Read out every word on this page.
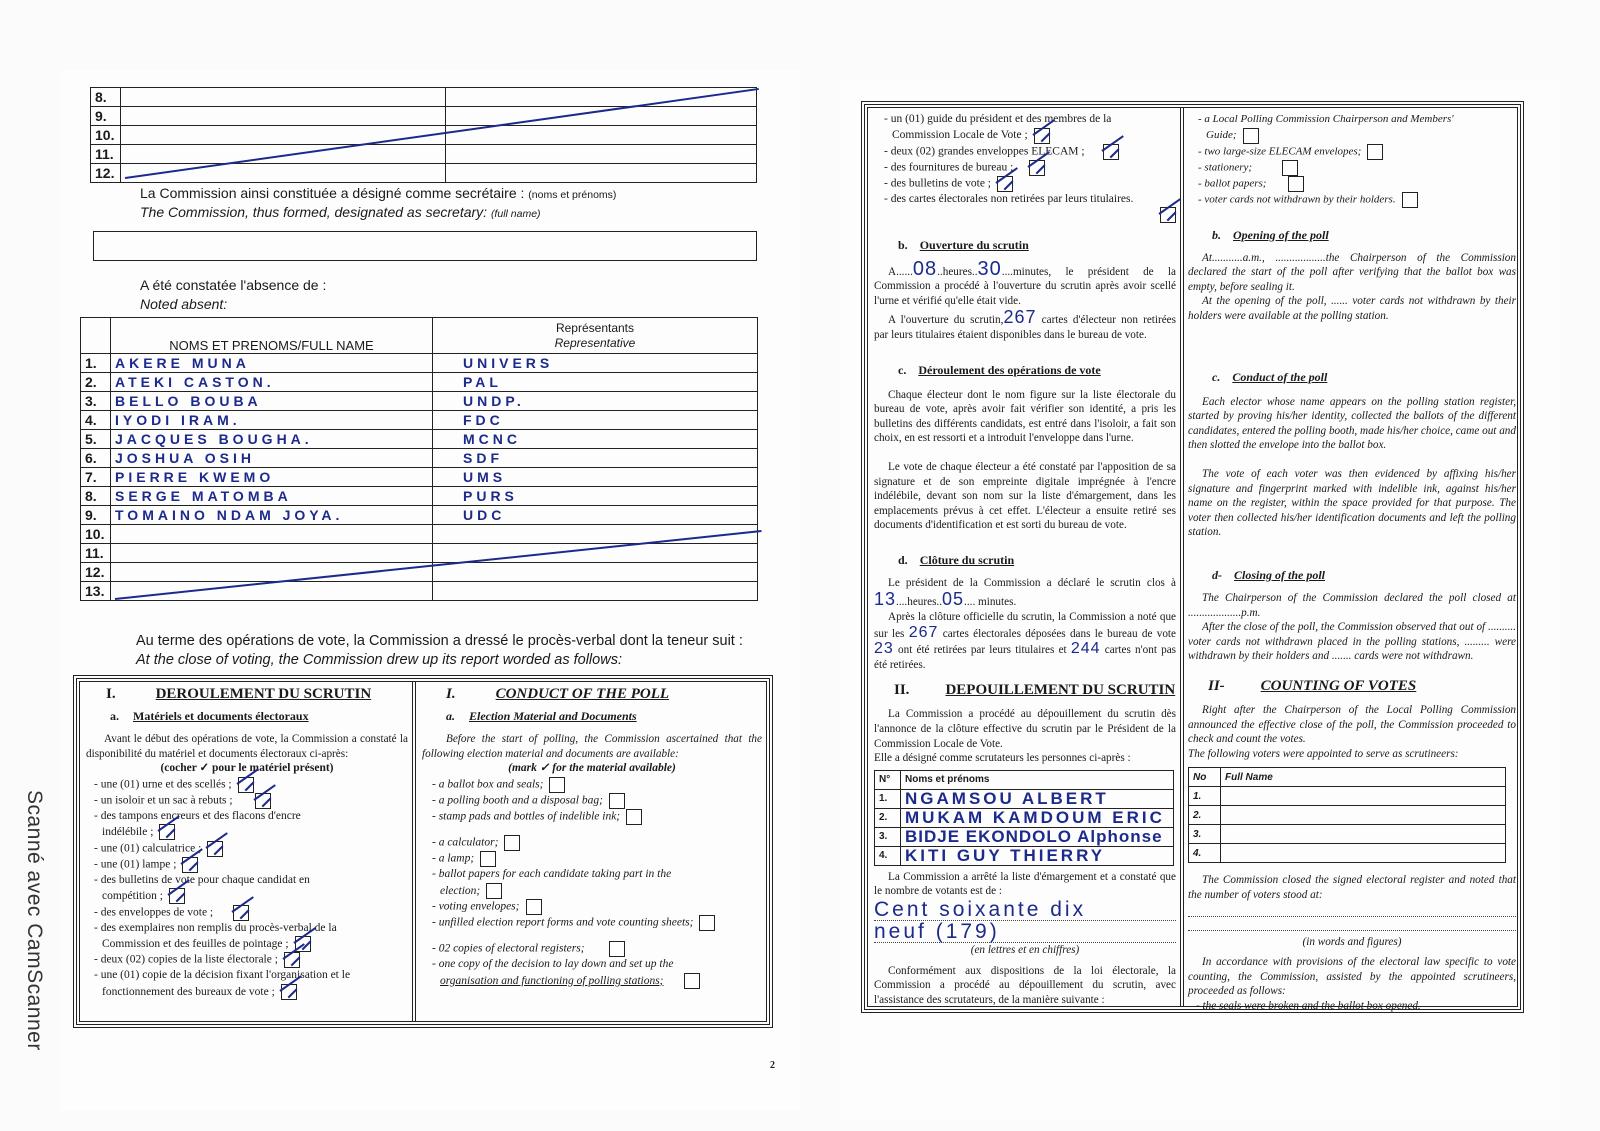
Scanné avec CamScanner
8.		
9.		
10.		
11.		
12.		
La Commission ainsi constituée a désigné comme secrétaire : (noms et prénoms)
The Commission, thus formed, designated as secretary: (full name)
A été constatée l'absence de :
Noted absent:
	NOMS ET PRENOMS/FULL NAME	Représentants
Representative

1.	AKERE MUNA	UNIVERS
2.	ATEKI CASTON.	PAL
3.	BELLO BOUBA	UNDP.
4.	IYODI IRAM.	FDC
5.	JACQUES BOUGHA.	MCNC
6.	JOSHUA OSIH	SDF
7.	PIERRE KWEMO	UMS
8.	SERGE MATOMBA	PURS
9.	TOMAINO NDAM JOYA.	UDC
10.		
11.		
12.		
13.		
Au terme des opérations de vote, la Commission a dressé le procès-verbal dont la teneur suit :
At the close of voting, the Commission drew up its report worded as follows:
I.	DEROULEMENT DU SCRUTIN
a. Matériels et documents électoraux
Avant le début des opérations de vote, la Commission a constaté la disponibilité du matériel et documents électoraux ci-après:
(cocher ✓ pour le matériel présent)
- une (01) urne et des scellés ;
- un isoloir et un sac à rebuts ;
- des tampons encreurs et des flacons d'encre
indélébile ;
- une (01) calculatrice ;
- une (01) lampe ;
- des bulletins de vote pour chaque candidat en
compétition ;
- des enveloppes de vote ;
- des exemplaires non remplis du procès-verbal de la
Commission et des feuilles de pointage ;
- deux (02) copies de la liste électorale ;
- une (01) copie de la décision fixant l'organisation et le
fonctionnement des bureaux de vote ;
I.	CONDUCT OF THE POLL
a. Election Material and Documents
Before the start of polling, the Commission ascertained that the following election material and documents are available:
(mark ✓ for the material available)
- a ballot box and seals;
- a polling booth and a disposal bag;
- stamp pads and bottles of indelible ink;
- a calculator;
- a lamp;
- ballot papers for each candidate taking part in the
election;
- voting envelopes;
- unfilled election report forms and vote counting sheets;
- 02 copies of electoral registers;
- one copy of the decision to lay down and set up the
organisation and functioning of polling stations;
2
- un (01) guide du président et des membres de la
Commission Locale de Vote ;
- deux (02) grandes enveloppes ELECAM ;
- des fournitures de bureau ;
- des bulletins de vote ;
- des cartes électorales non retirées par leurs titulaires.
b. Ouverture du scrutin
A......08..heures..30....minutes, le président de la Commission a procédé à l'ouverture du scrutin après avoir scellé l'urne et vérifié qu'elle était vide.
A l'ouverture du scrutin,267 cartes d'électeur non retirées par leurs titulaires étaient disponibles dans le bureau de vote.
c. Déroulement des opérations de vote
Chaque électeur dont le nom figure sur la liste électorale du bureau de vote, après avoir fait vérifier son identité, a pris les bulletins des différents candidats, est entré dans l'isoloir, a fait son choix, en est ressorti et a introduit l'enveloppe dans l'urne.
Le vote de chaque électeur a été constaté par l'apposition de sa signature et de son empreinte digitale imprégnée à l'encre indélébile, devant son nom sur la liste d'émargement, dans les emplacements prévus à cet effet. L'électeur a ensuite retiré ses documents d'identification et est sorti du bureau de vote.
d. Clôture du scrutin
Le président de la Commission a déclaré le scrutin clos à 13....heures..05.... minutes.
Après la clôture officielle du scrutin, la Commission a noté que sur les 267 cartes électorales déposées dans le bureau de vote 23 ont été retirées par leurs titulaires et 244 cartes n'ont pas été retirées.
II. DEPOUILLEMENT DU SCRUTIN
La Commission a procédé au dépouillement du scrutin dès l'annonce de la clôture effective du scrutin par le Président de la Commission Locale de Vote.
Elle a désigné comme scrutateurs les personnes ci-après :
N°	Noms et prénoms
1.	NGAMSOU ALBERT
2.	MUKAM KAMDOUM ERIC
3.	BIDJE EKONDOLO Alphonse
4.	KITI GUY THIERRY
La Commission a arrêté la liste d'émargement et a constaté que le nombre de votants est de :
Cent soixante dix
neuf (179)
(en lettres et en chiffres)
Conformément aux dispositions de la loi électorale, la Commission a procédé au dépouillement du scrutin, avec l'assistance des scrutateurs, de la manière suivante :
- a Local Polling Commission Chairperson and Members'
Guide;
- two large-size ELECAM envelopes;
- stationery;
- ballot papers;
- voter cards not withdrawn by their holders.
b. Opening of the poll
At...........a.m., ..................the Chairperson of the Commission declared the start of the poll after verifying that the ballot box was empty, before sealing it.
At the opening of the poll, ...... voter cards not withdrawn by their holders were available at the polling station.
c. Conduct of the poll
Each elector whose name appears on the polling station register, started by proving his/her identity, collected the ballots of the different candidates, entered the polling booth, made his/her choice, came out and then slotted the envelope into the ballot box.
The vote of each voter was then evidenced by affixing his/her signature and fingerprint marked with indelible ink, against his/her name on the register, within the space provided for that purpose. The voter then collected his/her identification documents and left the polling station.
d- Closing of the poll
The Chairperson of the Commission declared the poll closed at ...................p.m.
After the close of the poll, the Commission observed that out of .......... voter cards not withdrawn placed in the polling stations, ......... were withdrawn by their holders and ....... cards were not withdrawn.
II- COUNTING OF VOTES
Right after the Chairperson of the Local Polling Commission announced the effective close of the poll, the Commission proceeded to check and count the votes.
The following voters were appointed to serve as scrutineers:
No	Full Name
1.	
2.	
3.	
4.	
The Commission closed the signed electoral register and noted that the number of voters stood at:
(in words and figures)
In accordance with provisions of the electoral law specific to vote counting, the Commission, assisted by the appointed scrutineers, proceeded as follows:
- the seals were broken and the ballot box opened.
